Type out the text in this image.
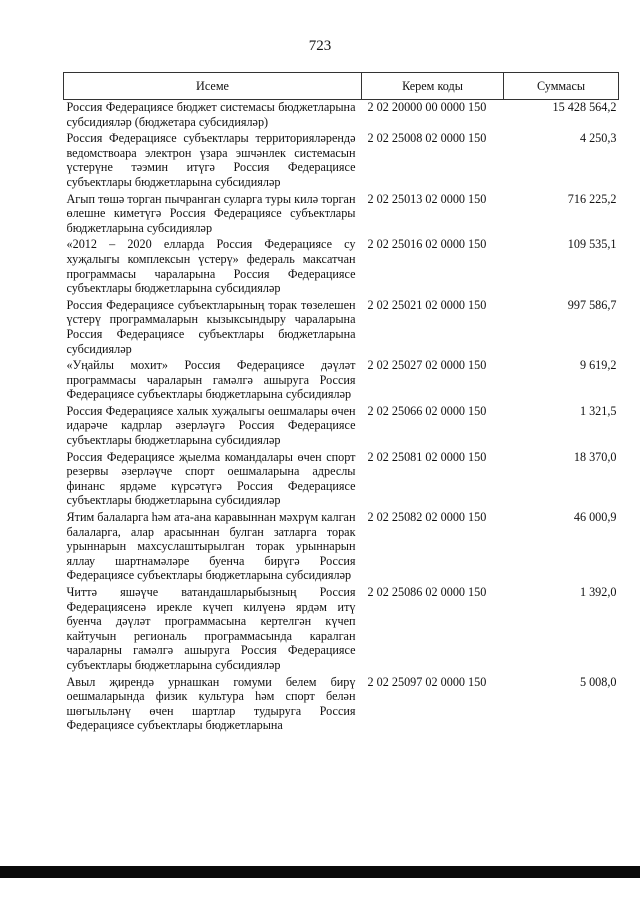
723
Исеме	Керем коды	Суммасы
Россия Федерациясе бюджет системасы бюджетларына субсидияләр (бюджетара субсидияләр)	2 02 20000 00 0000 150	15 428 564,2
Россия Федерациясе субъектлары территорияләрендә ведомствоара электрон үзара эшчәнлек системасын үстерүне тәэмин итүгә Россия Федерациясе субъектлары бюджетларына субсидияләр	2 02 25008 02 0000 150	4 250,3
Агып төшә торган пычранган суларга туры килә торган өлешне киметүгә Россия Федерациясе субъектлары бюджетларына субсидияләр	2 02 25013 02 0000 150	716 225,2
«2012 – 2020 елларда Россия Федерациясе су хуҗалыгы комплексын үстерү» федераль максатчан программасы чараларына Россия Федерациясе субъектлары бюджетларына субсидияләр	2 02 25016 02 0000 150	109 535,1
Россия Федерациясе субъектларының торак төзелешен үстерү программаларын кызыксындыру чараларына Россия Федерациясе субъектлары бюджетларына субсидияләр	2 02 25021 02 0000 150	997 586,7
«Уңайлы мохит» Россия Федерациясе дәүләт программасы чараларын гамәлгә ашыруга Россия Федерациясе субъектлары бюджетларына субсидияләр	2 02 25027 02 0000 150	9 619,2
Россия Федерациясе халык хуҗалыгы оешмалары өчен идарәче кадрлар әзерләүгә Россия Федерациясе субъектлары бюджетларына субсидияләр	2 02 25066 02 0000 150	1 321,5
Россия Федерациясе җыелма командалары өчен спорт резервы әзерләүче спорт оешмаларына адреслы финанс ярдәме күрсәтүгә Россия Федерациясе субъектлары бюджетларына субсидияләр	2 02 25081 02 0000 150	18 370,0
Ятим балаларга һәм ата-ана каравыннан мәхрүм калган балаларга, алар арасыннан булган затларга торак урыннарын махсуслаштырылган торак урыннарын яллау шартнамәләре буенча бирүгә Россия Федерациясе субъектлары бюджетларына субсидияләр	2 02 25082 02 0000 150	46 000,9
Читтә яшәүче ватандашларыбызның Россия Федерациясенә ирекле күчеп килүенә ярдәм итү буенча дәүләт программасына кертелгән күчеп кайтучын региональ программасында каралган чараларны гамәлгә ашыруга Россия Федерациясе субъектлары бюджетларына субсидияләр	2 02 25086 02 0000 150	1 392,0
Авыл җирендә урнашкан гомуми белем бирү оешмаларында физик культура һәм спорт белән шөгыльләнү өчен шартлар тудыруга Россия Федерациясе субъектлары бюджетларына	2 02 25097 02 0000 150	5 008,0
